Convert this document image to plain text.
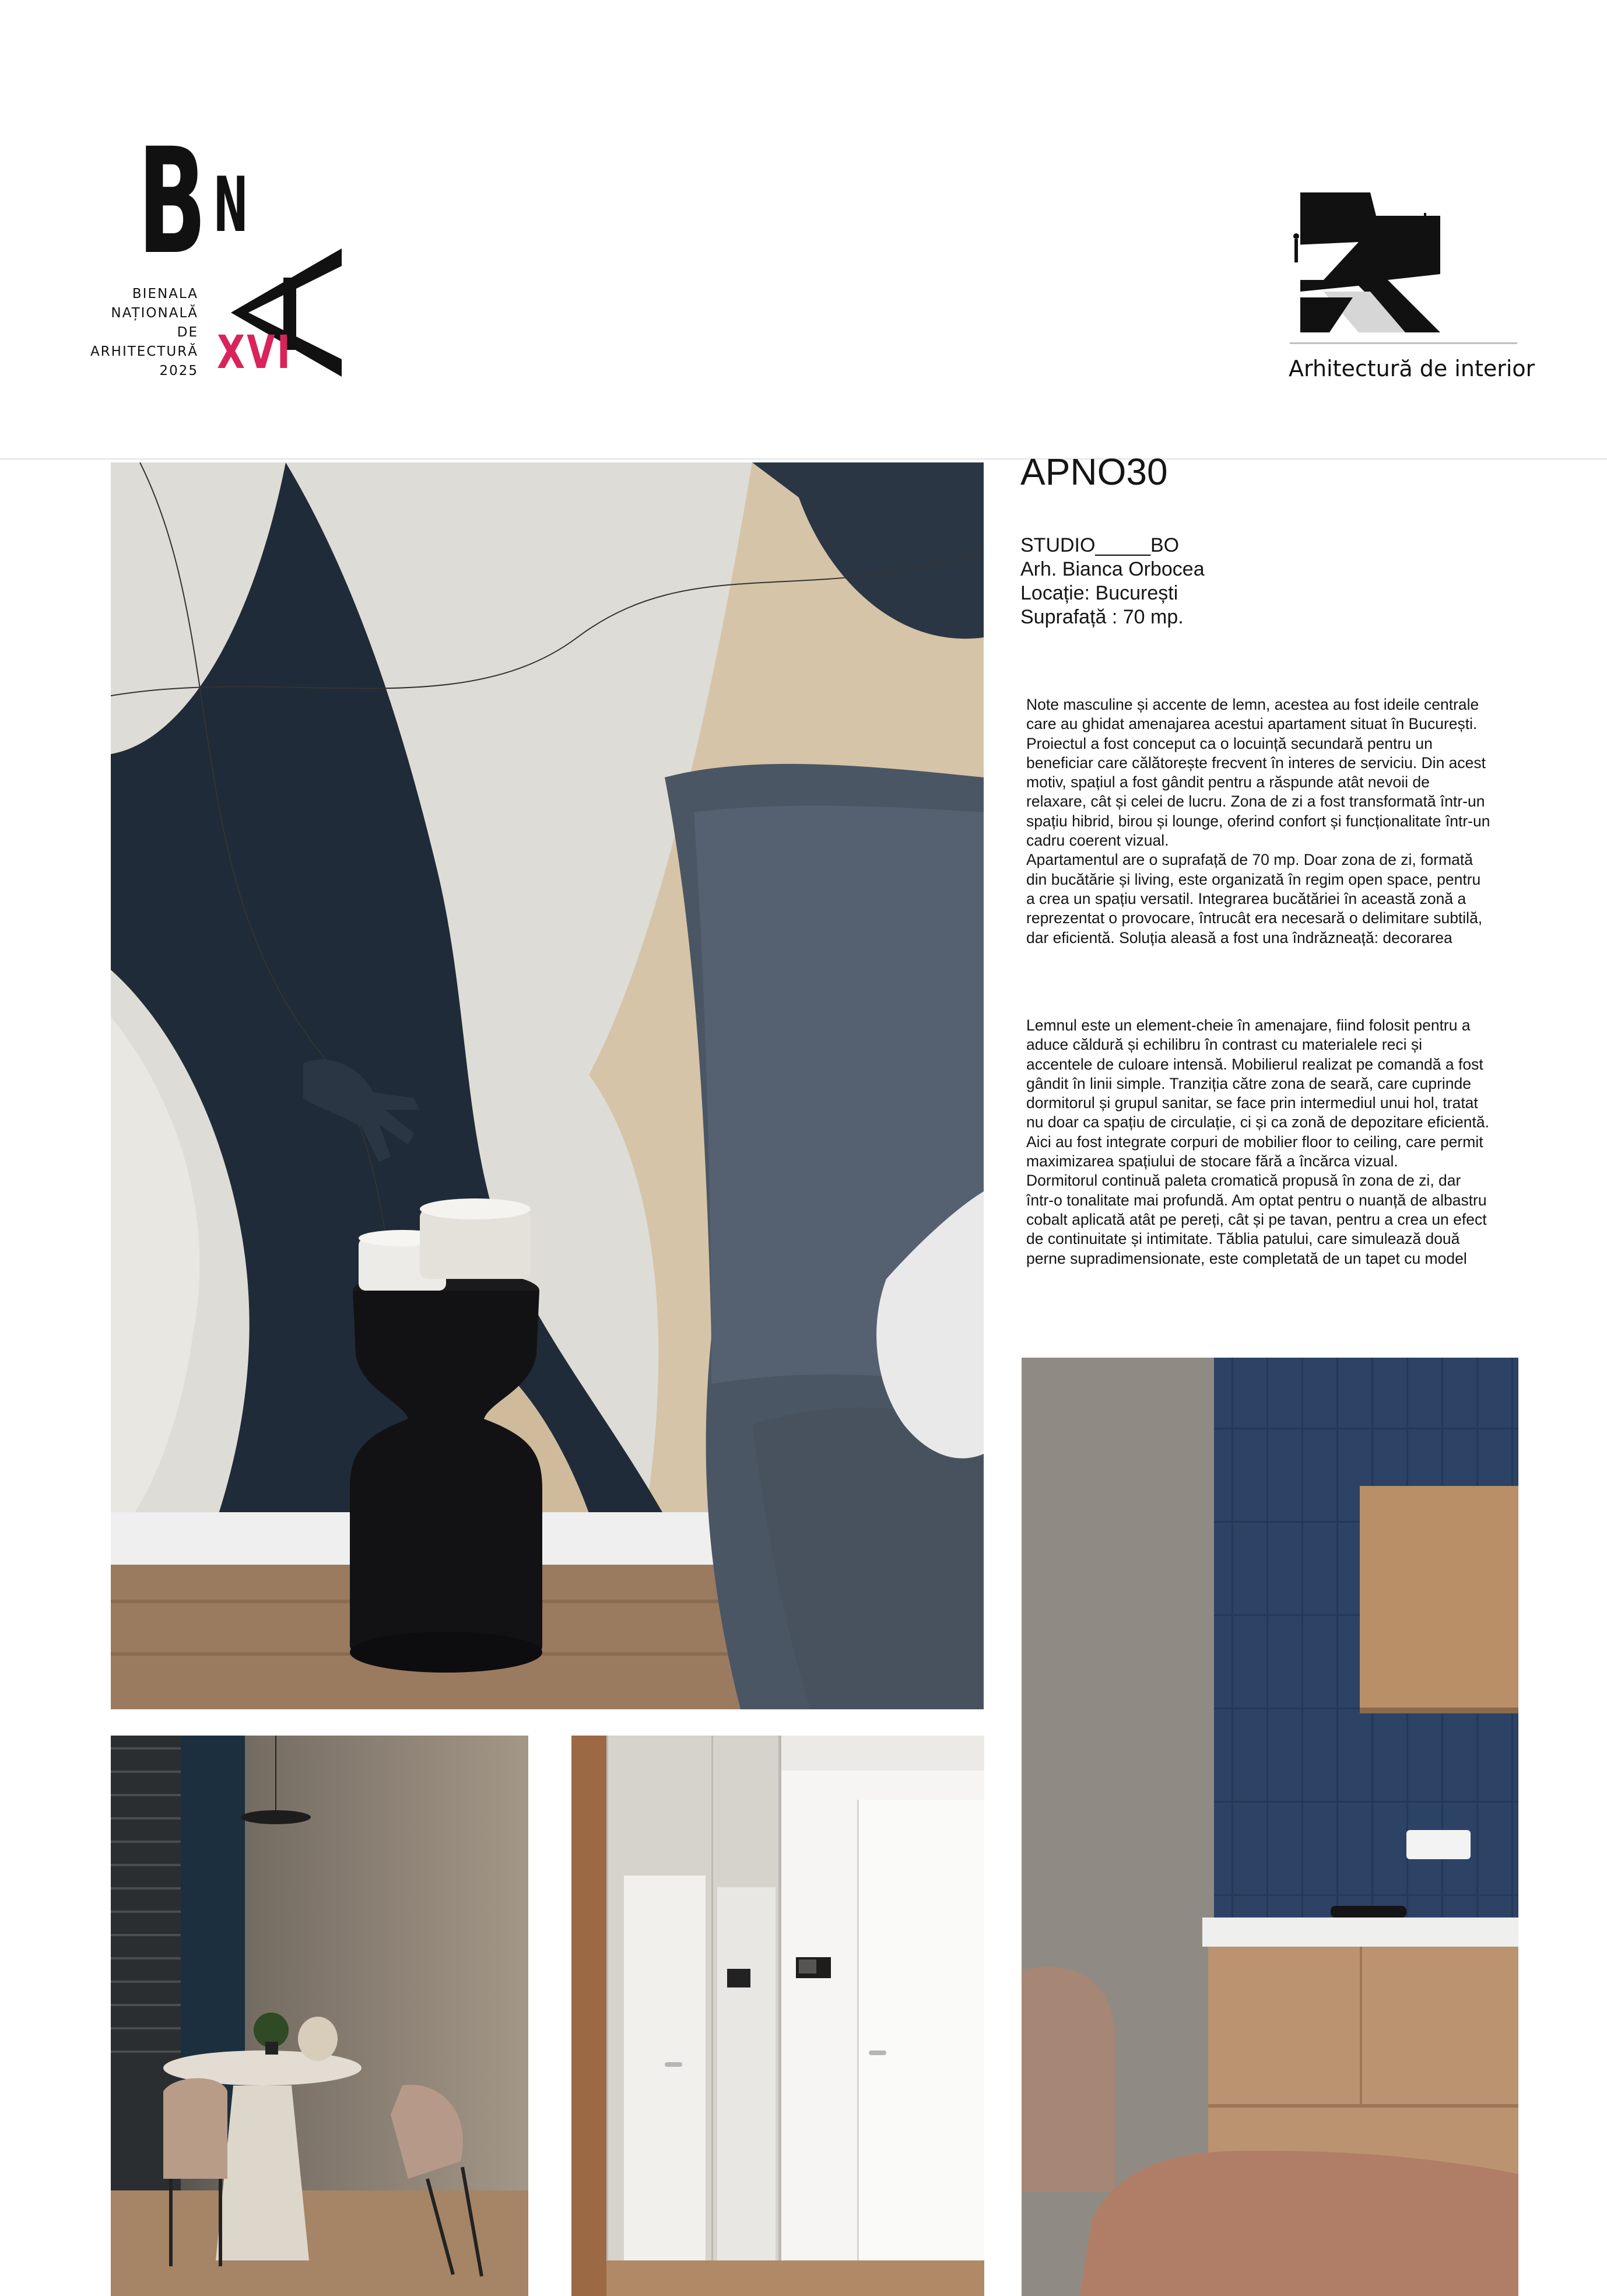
B N
BIENALA
NAȚIONALĂ
DE
ARHITECTURĂ
2025 XVI	Arhitectură de interior
APNO30
STUDIO_____BO
Arh. Bianca Orbocea
Locație: București
Suprafață : 70 mp.
Note masculine și accente de lemn, acestea au fost ideile centrale
care au ghidat amenajarea acestui apartament situat în București.
Proiectul a fost conceput ca o locuință secundară pentru un
beneficiar care călătorește frecvent în interes de serviciu. Din acest
motiv, spațiul a fost gândit pentru a răspunde atât nevoii de
relaxare, cât și celei de lucru. Zona de zi a fost transformată într-un
spațiu hibrid, birou și lounge, oferind confort și funcționalitate într-un
cadru coerent vizual.
Apartamentul are o suprafață de 70 mp. Doar zona de zi, formată
din bucătărie și living, este organizată în regim open space, pentru
a crea un spațiu versatil. Integrarea bucătăriei în această zonă a
reprezentat o provocare, întrucât era necesară o delimitare subtilă,
dar eficientă. Soluția aleasă a fost una îndrăzneață: decorarea
Lemnul este un element-cheie în amenajare, fiind folosit pentru a
aduce căldură și echilibru în contrast cu materialele reci și
accentele de culoare intensă. Mobilierul realizat pe comandă a fost
gândit în linii simple. Tranziția către zona de seară, care cuprinde
dormitorul și grupul sanitar, se face prin intermediul unui hol, tratat
nu doar ca spațiu de circulație, ci și ca zonă de depozitare eficientă.
Aici au fost integrate corpuri de mobilier floor to ceiling, care permit
maximizarea spațiului de stocare fără a încărca vizual.
Dormitorul continuă paleta cromatică propusă în zona de zi, dar
într-o tonalitate mai profundă. Am optat pentru o nuanță de albastru
cobalt aplicată atât pe pereți, cât și pe tavan, pentru a crea un efect
de continuitate și intimitate. Tăblia patului, care simulează două
perne supradimensionate, este completată de un tapet cu model
